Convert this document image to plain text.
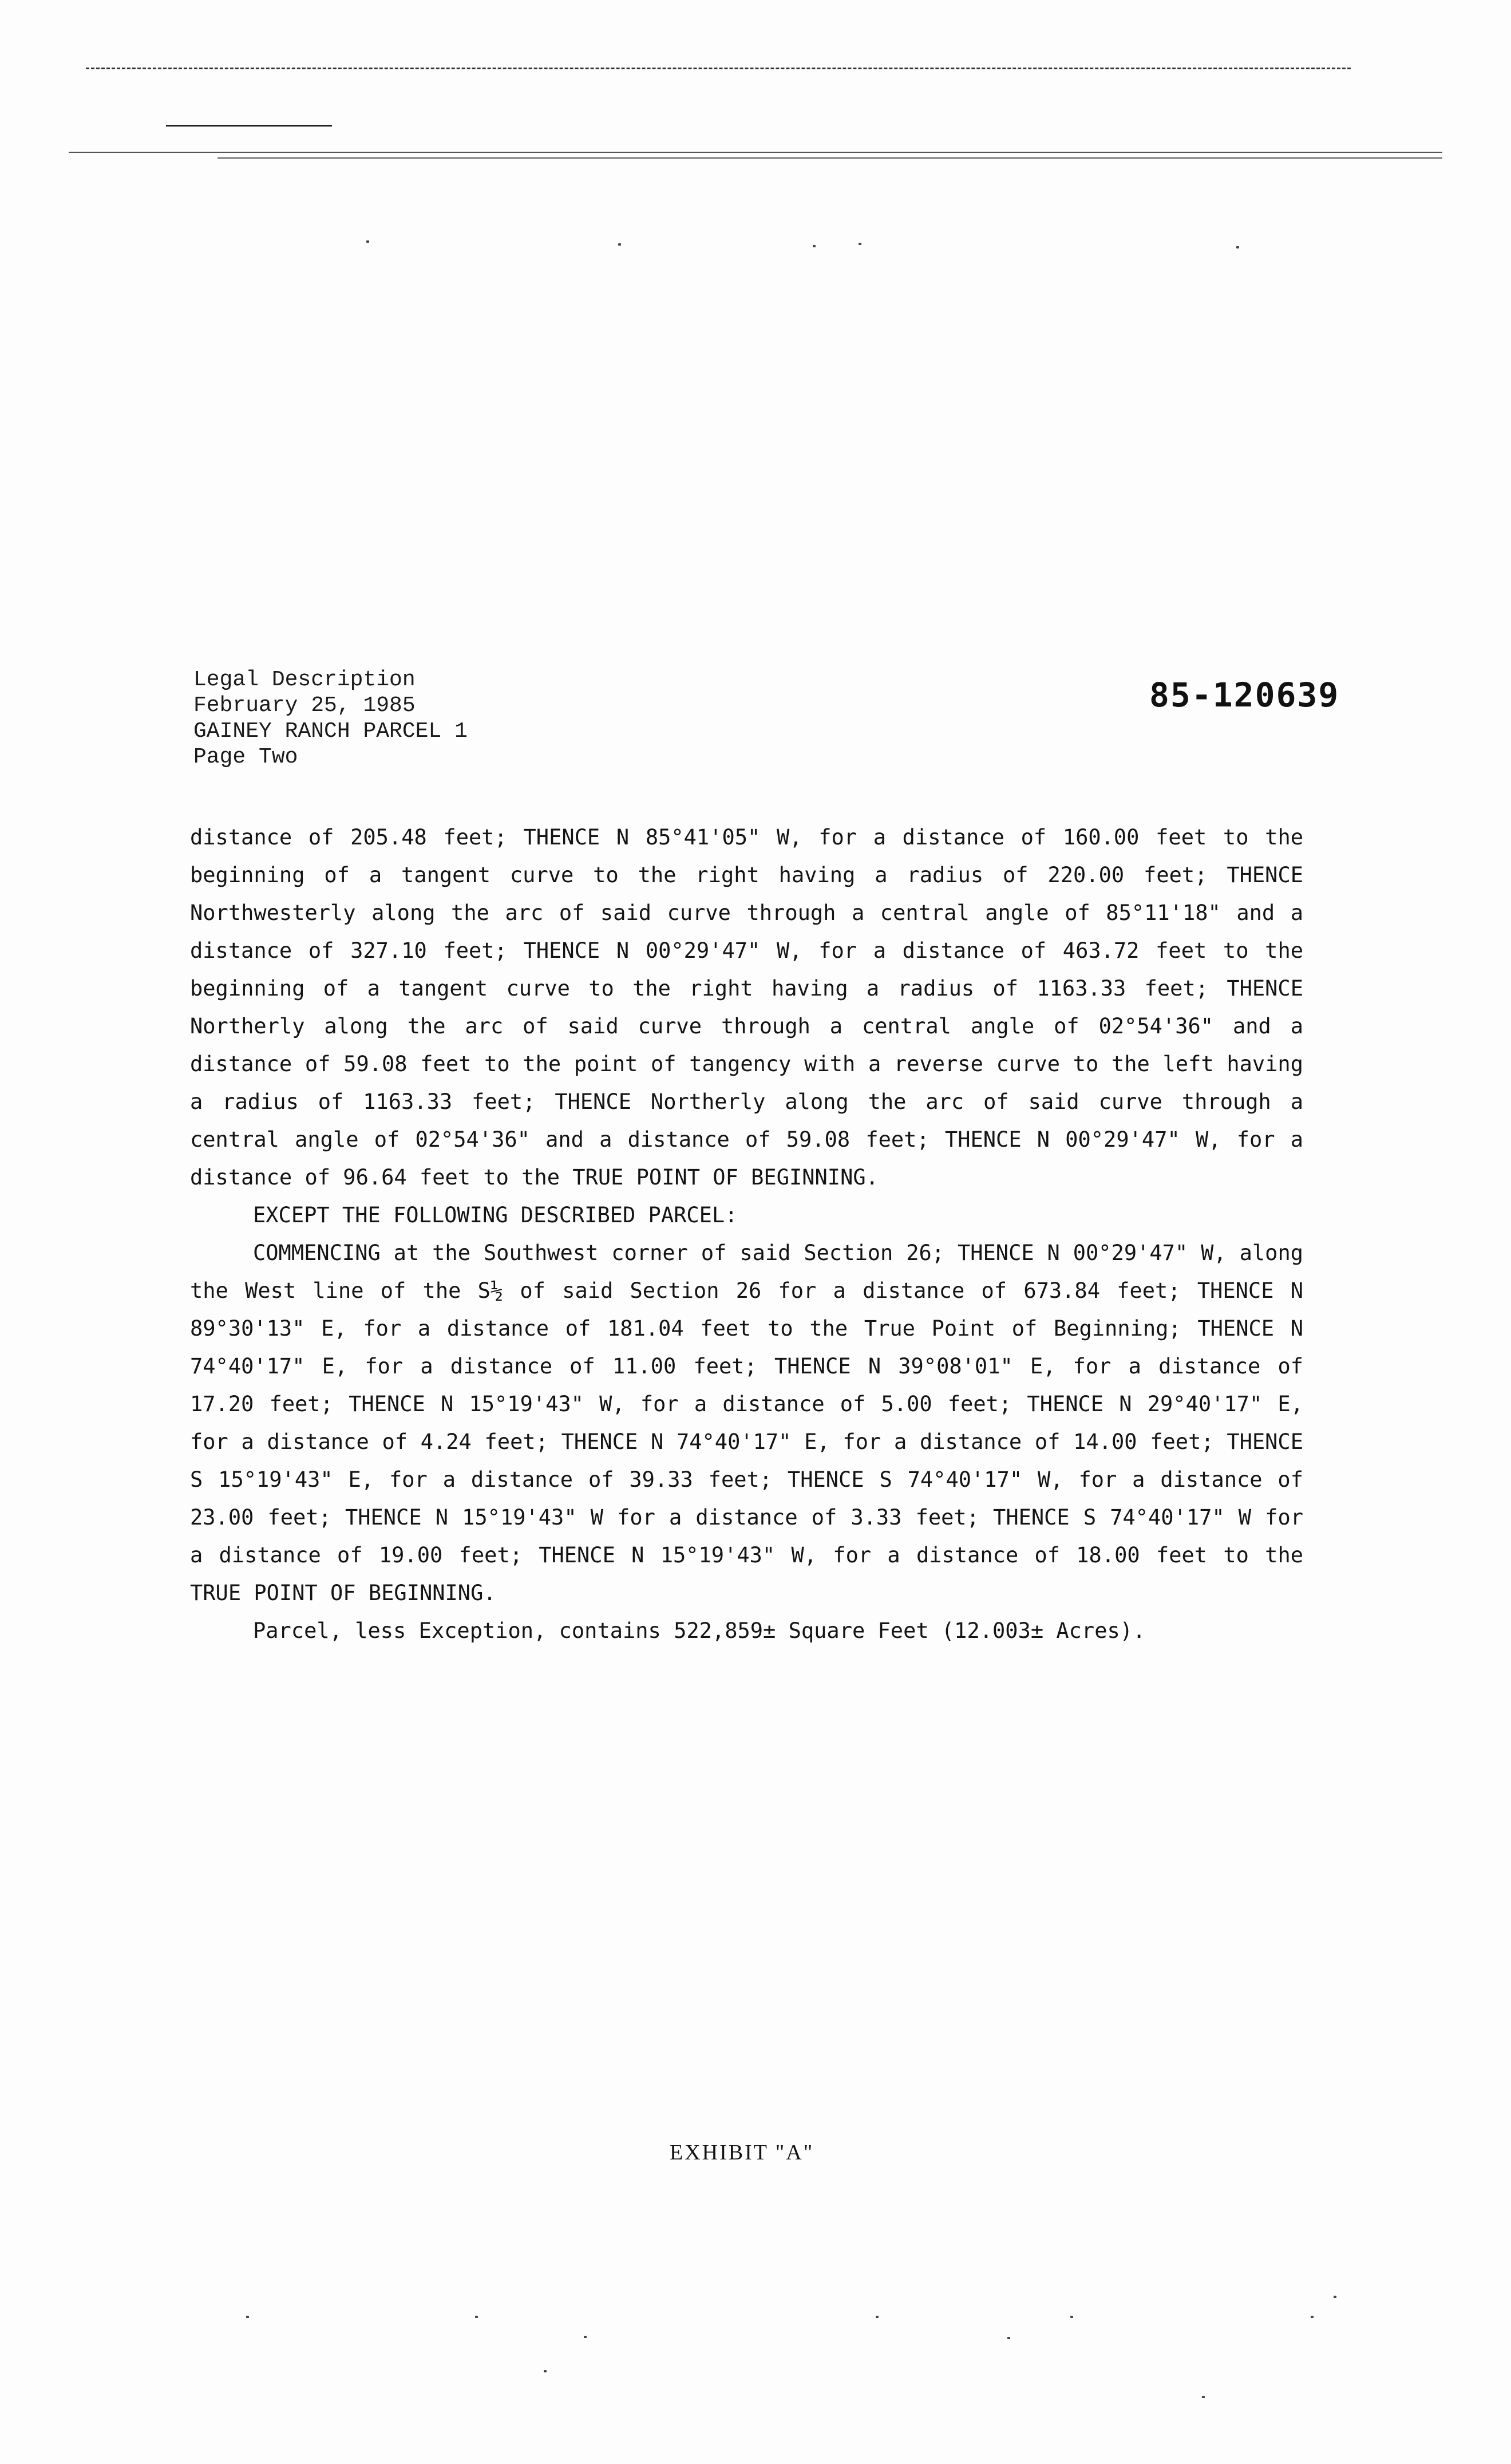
Legal Description
February 25, 1985
GAINEY RANCH PARCEL 1
Page Two
85-120639

distance of 205.48 feet; THENCE N 85°41'05" W, for a distance of 160.00 feet to the beginning of a tangent curve to the right having a radius of 220.00 feet; THENCE Northwesterly along the arc of said curve through a central angle of 85°11'18" and a distance of 327.10 feet; THENCE N 00°29'47" W, for a distance of 463.72 feet to the beginning of a tangent curve to the right having a radius of 1163.33 feet; THENCE Northerly along the arc of said curve through a central angle of 02°54'36" and a distance of 59.08 feet to the point of tangency with a reverse curve to the left having a radius of 1163.33 feet; THENCE Northerly along the arc of said curve through a central angle of 02°54'36" and a distance of 59.08 feet; THENCE N 00°29'47" W, for a distance of 96.64 feet to the TRUE POINT OF BEGINNING.

EXCEPT THE FOLLOWING DESCRIBED PARCEL:

COMMENCING at the Southwest corner of said Section 26; THENCE N 00°29'47" W, along the West line of the S½ of said Section 26 for a distance of 673.84 feet; THENCE N 89°30'13" E, for a distance of 181.04 feet to the True Point of Beginning; THENCE N 74°40'17" E, for a distance of 11.00 feet; THENCE N 39°08'01" E, for a distance of 17.20 feet; THENCE N 15°19'43" W, for a distance of 5.00 feet; THENCE N 29°40'17" E, for a distance of 4.24 feet; THENCE N 74°40'17" E, for a distance of 14.00 feet; THENCE S 15°19'43" E, for a distance of 39.33 feet; THENCE S 74°40'17" W, for a distance of 23.00 feet; THENCE N 15°19'43" W for a distance of 3.33 feet; THENCE S 74°40'17" W for a distance of 19.00 feet; THENCE N 15°19'43" W, for a distance of 18.00 feet to the TRUE POINT OF BEGINNING.

Parcel, less Exception, contains 522,859± Square Feet (12.003± Acres).

EXHIBIT "A"
